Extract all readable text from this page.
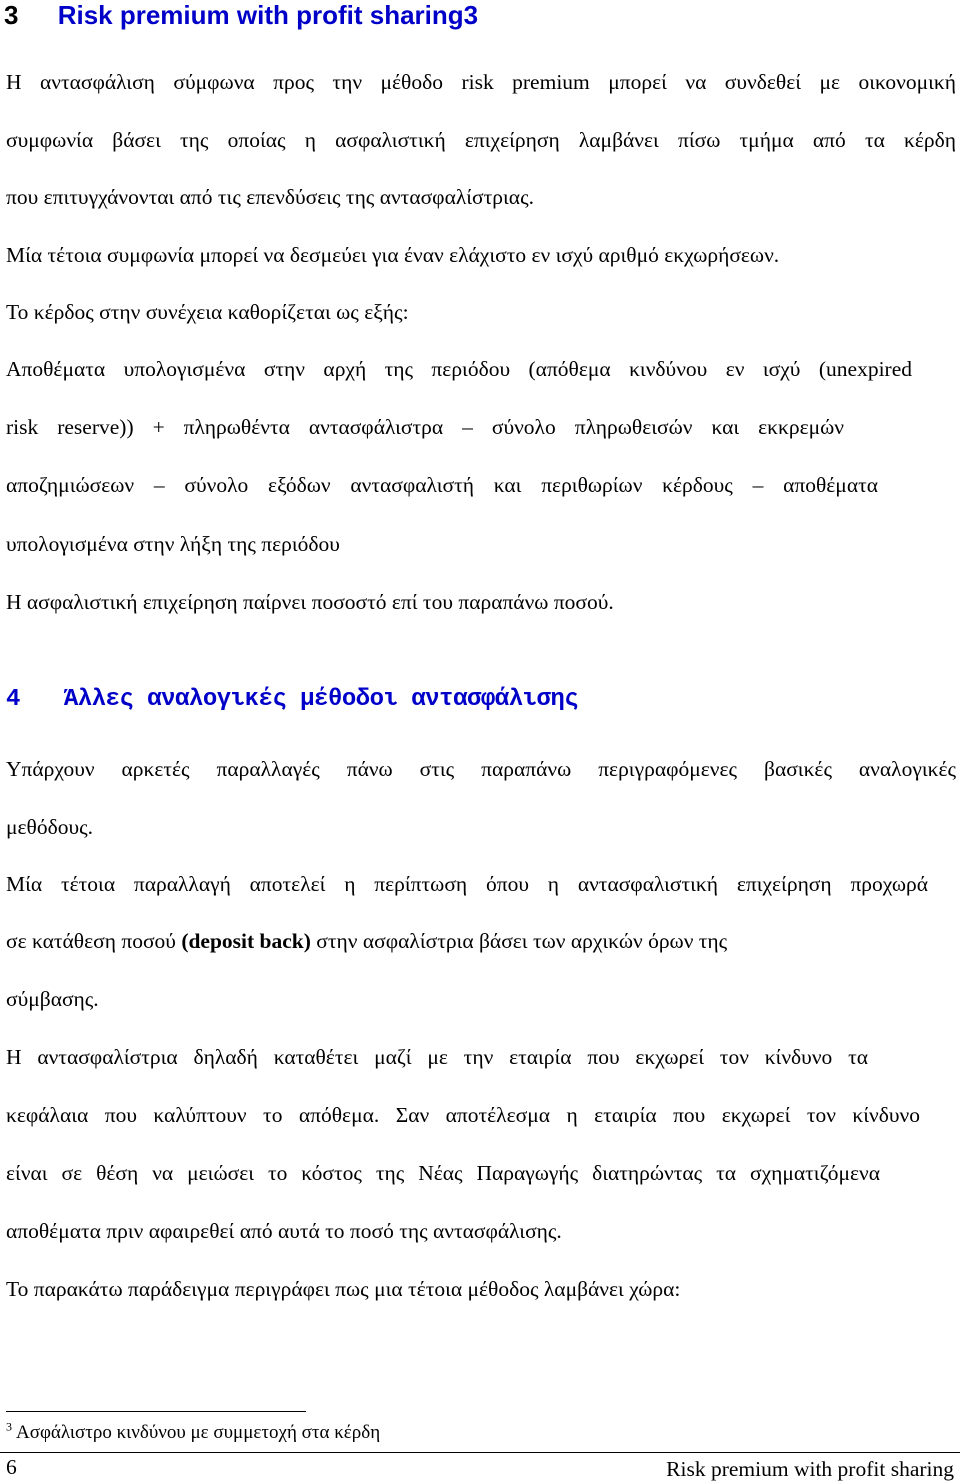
3 Risk premium with profit sharing3
Η αντασφάλιση σύμφωνα προς την μέθοδο risk premium μπορεί να συνδεθεί με οικονομική
συμφωνία βάσει της οποίας η ασφαλιστική επιχείρηση λαμβάνει πίσω τμήμα από τα κέρδη
που επιτυγχάνονται από τις επενδύσεις της αντασφαλίστριας.
Μία τέτοια συμφωνία μπορεί να δεσμεύει για έναν ελάχιστο εν ισχύ αριθμό εκχωρήσεων.
Το κέρδος στην συνέχεια καθορίζεται ως εξής:
Αποθέματα υπολογισμένα στην αρχή της περιόδου (απόθεμα κινδύνου εν ισχύ (unexpired
risk reserve)) + πληρωθέντα αντασφάλιστρα – σύνολο πληρωθεισών και εκκρεμών
αποζημιώσεων – σύνολο εξόδων αντασφαλιστή και περιθωρίων κέρδους – αποθέματα
υπολογισμένα στην λήξη της περιόδου
Η ασφαλιστική επιχείρηση παίρνει ποσοστό επί του παραπάνω ποσού.
4 Άλλες αναλογικές μέθοδοι αντασφάλισης
Υπάρχουν αρκετές παραλλαγές πάνω στις παραπάνω περιγραφόμενες βασικές αναλογικές
μεθόδους.
Μία τέτοια παραλλαγή αποτελεί η περίπτωση όπου η αντασφαλιστική επιχείρηση προχωρά
σε κατάθεση ποσού (deposit back) στην ασφαλίστρια βάσει των αρχικών όρων της
σύμβασης.
Η αντασφαλίστρια δηλαδή καταθέτει μαζί με την εταιρία που εκχωρεί τον κίνδυνο τα
κεφάλαια που καλύπτουν το απόθεμα. Σαν αποτέλεσμα η εταιρία που εκχωρεί τον κίνδυνο
είναι σε θέση να μειώσει το κόστος της Νέας Παραγωγής διατηρώντας τα σχηματιζόμενα
αποθέματα πριν αφαιρεθεί από αυτά το ποσό της αντασφάλισης.
Το παρακάτω παράδειγμα περιγράφει πως μια τέτοια μέθοδος λαμβάνει χώρα:
$^3$ Ασφάλιστρο κινδύνου με συμμετοχή στα κέρδη
6	Risk premium with profit sharing
